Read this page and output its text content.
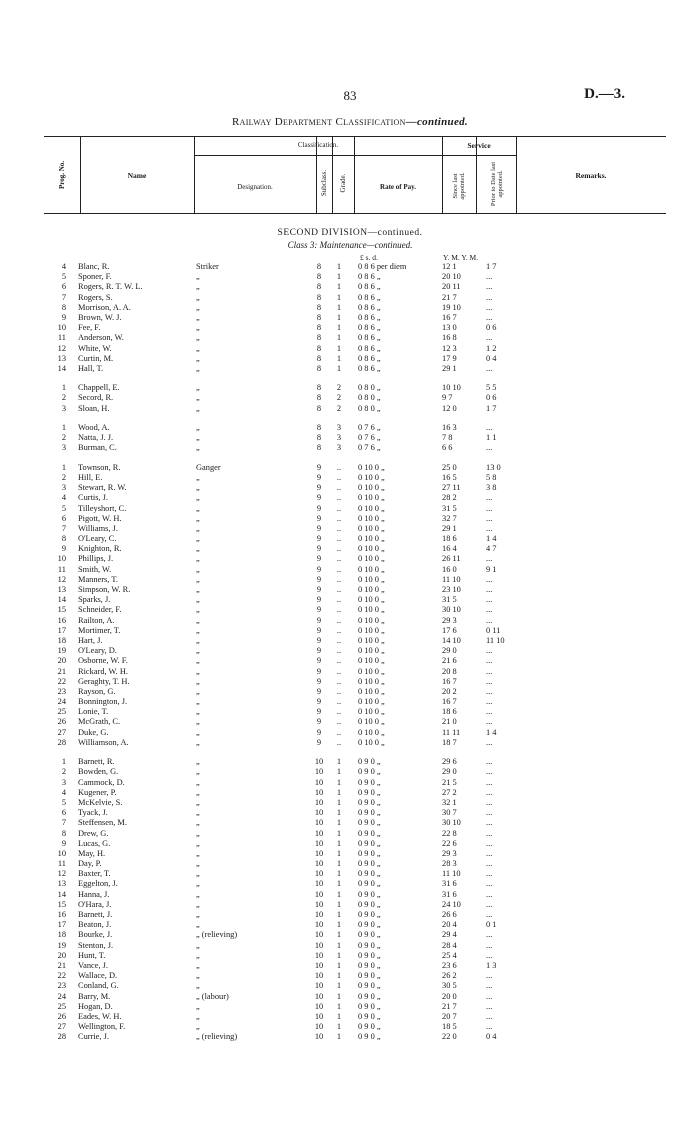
83	D.—3.
Railway Department Classification—continued.
Prog. No.	Name
Classification.
Designation.	Subclass. Grade.	Rate of Pay.
Service
Since last appointed.	Prior to Date last appointed.	Remarks.
SECOND DIVISION—continued.
Class 3: Maintenance—continued.
£ s. d.	Y. M. Y. M.
4 Blanc, R.	Striker	8	1	0 8 6 per diem	12 1	1 7
5 Sponer, F.	„	8	1	0 8 6 „	20 10	...
6 Rogers, R. T. W. L.	„	8	1	0 8 6 „	20 11	...
7 Rogers, S.	„	8	1	0 8 6 „	21 7	...
8 Morrison, A. A.	„	8	1	0 8 6 „	19 10	...
9 Brown, W. J.	„	8	1	0 8 6 „	16 7	...
10 Fee, F.	„	8	1	0 8 6 „	13 0	0 6
11 Anderson, W.	„	8	1	0 8 6 „	16 8	...
12 White, W.	„	8	1	0 8 6 „	12 3	1 2
13 Curtin, M.	„	8	1	0 8 6 „	17 9	0 4
14 Hall, T.	„	8	1	0 8 6 „	29 1	...
1 Chappell, E.	„	8	2	0 8 0 „	10 10	5 5
2 Secord, R.	„	8	2	0 8 0 „	9 7	0 6
3 Sloan, H.	„	8	2	0 8 0 „	12 0	1 7
1 Wood, A.	„	8	3	0 7 6 „	16 3	...
2 Natta, J. J.	„	8	3	0 7 6 „	7 8	1 1
3 Burman, C.	„	8	3	0 7 6 „	6 6	...
1 Townson, R.	Ganger	9	..	0 10 0 „	25 0	13 0
2 Hill, E.	„	9	..	0 10 0 „	16 5	5 8
3 Stewart, R. W.	„	9	..	0 10 0 „	27 11	3 8
4 Curtis, J.	„	9	..	0 10 0 „	28 2	...
5 Tilleyshort, C.	„	9	..	0 10 0 „	31 5	...
6 Pigott, W. H.	„	9	..	0 10 0 „	32 7	...
7 Williams, J.	„	9	..	0 10 0 „	29 1	...
8 O'Leary, C.	„	9	..	0 10 0 „	18 6	1 4
9 Knighton, R.	„	9	..	0 10 0 „	16 4	4 7
10 Phillips, J.	„	9	..	0 10 0 „	26 11	...
11 Smith, W.	„	9	..	0 10 0 „	16 0	9 1
12 Manners, T.	„	9	..	0 10 0 „	11 10	...
13 Simpson, W. R.	„	9	..	0 10 0 „	23 10	...
14 Sparks, J.	„	9	..	0 10 0 „	31 5	...
15 Schneider, F.	„	9	..	0 10 0 „	30 10	...
16 Railton, A.	„	9	..	0 10 0 „	29 3	...
17 Mortimer, T.	„	9	..	0 10 0 „	17 6	0 11
18 Hart, J.	„	9	..	0 10 0 „	14 10	11 10
19 O'Leary, D.	„	9	..	0 10 0 „	29 0	...
20 Osborne, W. F.	„	9	..	0 10 0 „	21 6	...
21 Rickard, W. H.	„	9	..	0 10 0 „	20 8	...
22 Geraghty, T. H.	„	9	..	0 10 0 „	16 7	...
23 Rayson, G.	„	9	..	0 10 0 „	20 2	...
24 Bonnington, J.	„	9	..	0 10 0 „	16 7	...
25 Lonie, T.	„	9	..	0 10 0 „	18 6	...
26 McGrath, C.	„	9	..	0 10 0 „	21 0	...
27 Duke, G.	„	9	..	0 10 0 „	11 11	1 4
28 Williamson, A.	„	9	..	0 10 0 „	18 7	...
1 Barnett, R.	„	10	1	0 9 0 „	29 6	...
2 Bowden, G.	„	10	1	0 9 0 „	29 0	...
3 Cammock, D.	„	10	1	0 9 0 „	21 5	...
4 Kugener, P.	„	10	1	0 9 0 „	27 2	...
5 McKelvie, S.	„	10	1	0 9 0 „	32 1	...
6 Tyack, J.	„	10	1	0 9 0 „	30 7	...
7 Steffensen, M.	„	10	1	0 9 0 „	30 10	...
8 Drew, G.	„	10	1	0 9 0 „	22 8	...
9 Lucas, G.	„	10	1	0 9 0 „	22 6	...
10 May, H.	„	10	1	0 9 0 „	29 3	...
11 Day, P.	„	10	1	0 9 0 „	28 3	...
12 Baxter, T.	„	10	1	0 9 0 „	11 10	...
13 Eggelton, J.	„	10	1	0 9 0 „	31 6	...
14 Hanna, J.	„	10	1	0 9 0 „	31 6	...
15 O'Hara, J.	„	10	1	0 9 0 „	24 10	...
16 Barnett, J.	„	10	1	0 9 0 „	26 6	...
17 Beaton, J.	„	10	1	0 9 0 „	20 4	0 1
18 Bourke, J.	„ (relieving)	10	1	0 9 0 „	29 4	...
19 Stenton, J.	„	10	1	0 9 0 „	28 4	...
20 Hunt, T.	„	10	1	0 9 0 „	25 4	...
21 Vance, J.	„	10	1	0 9 0 „	23 6	1 3
22 Wallace, D.	„	10	1	0 9 0 „	26 2	...
23 Conland, G.	„	10	1	0 9 0 „	30 5	...
24 Barry, M.	„ (labour)	10	1	0 9 0 „	20 0	...
25 Hogan, D.	„	10	1	0 9 0 „	21 7	...
26 Eades, W. H.	„	10	1	0 9 0 „	20 7	...
27 Wellington, F.	„	10	1	0 9 0 „	18 5	...
28 Currie, J.	„ (relieving)	10	1	0 9 0 „	22 0	0 4
